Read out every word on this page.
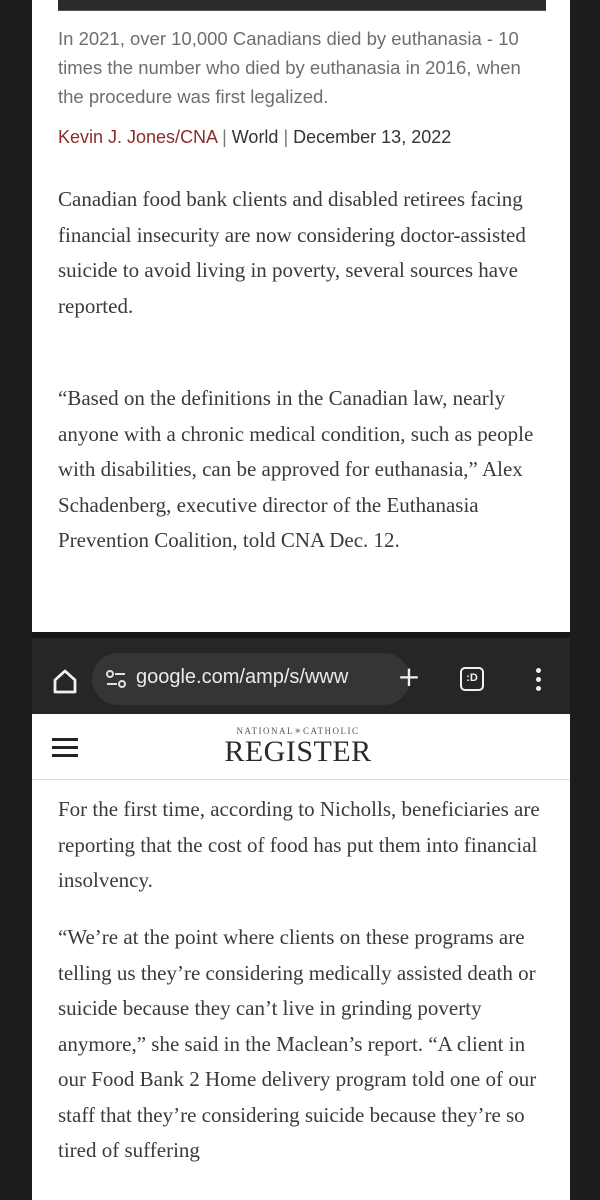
In 2021, over 10,000 Canadians died by euthanasia - 10 times the number who died by euthanasia in 2016, when the procedure was first legalized.

Kevin J. Jones/CNA | World | December 13, 2022

Canadian food bank clients and disabled retirees facing financial insecurity are now considering doctor-assisted suicide to avoid living in poverty, several sources have reported.

“Based on the definitions in the Canadian law, nearly anyone with a chronic medical condition, such as people with disabilities, can be approved for euthanasia,” Alex Schadenberg, executive director of the Euthanasia Prevention Coalition, told CNA Dec. 12.

google.com/amp/s/www +	:D
NATIONAL✷CATHOLIC
REGISTER

For the first time, according to Nicholls, beneficiaries are reporting that the cost of food has put them into financial insolvency.

“We’re at the point where clients on these programs are telling us they’re considering medically assisted death or suicide because they can’t live in grinding poverty anymore,” she said in the Maclean’s report. “A client in our Food Bank 2 Home delivery program told one of our staff that they’re considering suicide because they’re so tired of suffering
